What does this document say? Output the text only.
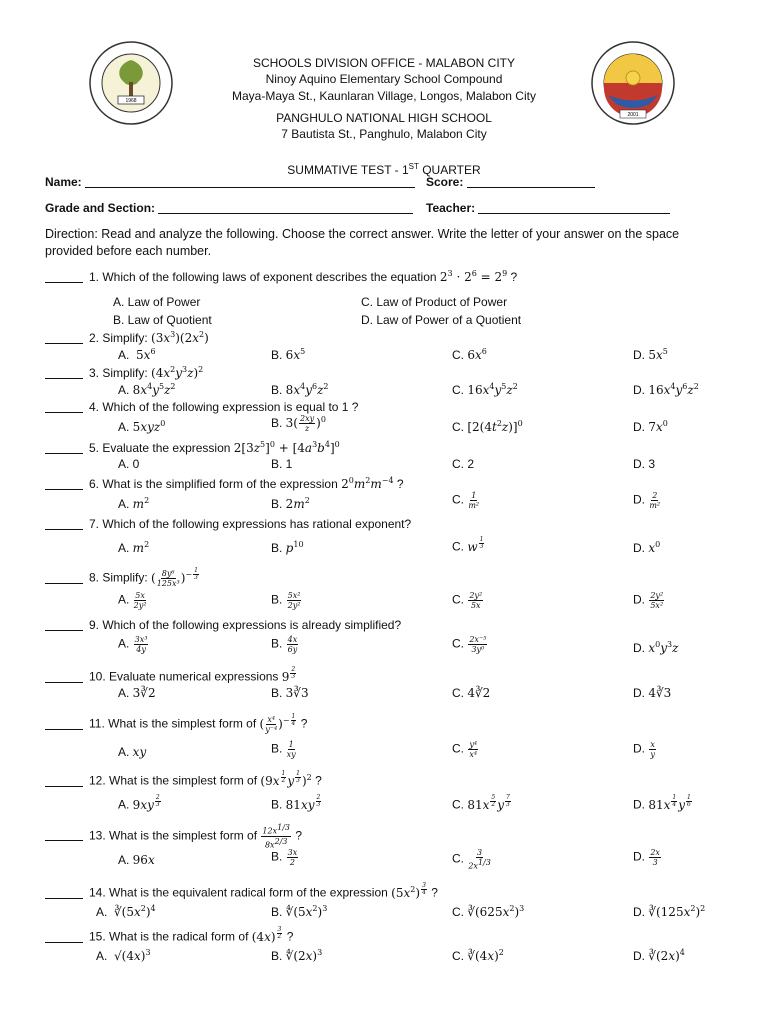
1968
2001
SCHOOLS DIVISION OFFICE - MALABON CITY
Ninoy Aquino Elementary School Compound
Maya-Maya St., Kaunlaran Village, Longos, Malabon City
PANGHULO NATIONAL HIGH SCHOOL
7 Bautista St., Panghulo, Malabon City
SUMMATIVE TEST - 1ST QUARTER
Name:	Score:
Grade and Section:	Teacher:
Direction: Read and analyze the following. Choose the correct answer. Write the letter of your answer on the space provided before each number.
1. Which of the following laws of exponent describes the equation $2^3 \cdot 2^6 = 2^9$ ?
A. Law of Power	C. Law of Product of Power
B. Law of Quotient	D. Law of Power of a Quotient
2. Simplify: $(3x^3)(2x^2)$
A.  $5x^6$	B. $6x^5$	C. $6x^6$	D. $5x^5$
3. Simplify: $(4x^2y^3z)^2$
A. $8x^4y^5z^2$	B. $8x^4y^6z^2$	C. $16x^4y^5z^2$	D. $16x^4y^6z^2$
4. Which of the following expression is equal to 1 ?
A. 5xyz$^0$	B. $3( \frac{2xy}{z} )^0$
C. $[2(4t^2z)]^0$	D. $7x^0$
5. Evaluate the expression $2[3z^5]^0 + [4a^3b^4]^0$
A. 0	B. 1	C. 2	D. 3
6. What is the simplified form of the expression $2^0m^2m^{-4}$ ?
A. $m^2$	B. $2m^2$	C. $\frac{1}{\text{m²}}$	D. $\frac{2}{\text{m²}}$
7. Which of the following expressions has rational exponent?
A. $m^2$	B. $p^{10}$	C. w $^{\frac{1}{3}}$	D. $x^0$
8. Simplify: ( $\frac{\text{8y⁶}}{\text{125x³}} )^{- \frac{1}{3}}$
A. $\frac{5x}{\text{2y²}}$	B. $\frac{\text{5x²}}{\text{2y²}}$	C. $\frac{\text{2y²}}{5x}$	D. $\frac{\text{2y²}}{\text{5x²}}$
9. Which of the following expressions is already simplified?
A. $\frac{\text{3x³}}{4y}$	B. $\frac{4x}{6y}$	C. $\frac{\text{2x⁻⁵}}{\text{3y⁰}}$	D. $x^0y^3z$
10. Evaluate numerical expressions 9 $^{\frac{2}{3}}$
A. 3∛2	B. 3∛3	C. 4∛2	D. 4∛3
11. What is the simplest form of ( $\frac{\text{x⁴}}{\text{y⁻⁴}} )^{- \frac{1}{4}}$ ?
A. xy	B. $\frac{1}{xy}$	C. $\frac{\text{y⁴}}{\text{x⁴}}$	D. $\frac{x}{y}$
12. What is the simplest form of (9x $^{\frac{1}{2}}$ y $^{\frac{1}{3}}$ )$^2$ ?
A. 9xy $^{\frac{2}{3}}$	B. 81xy $^{\frac{2}{3}}$	C. 81x $^{\frac{5}{2}}$ y $^{\frac{7}{3}}$	D. 81x $^{\frac{1}{4}}$ y $^{\frac{1}{6}}$
13. What is the simplest form of $\frac{12x^{1/3}}{8x^{2/3}}$ ?
A. 96x	B. $\frac{3x}{2}$	C. $\frac{3}{2x^{1/3}}$	D. $\frac{2x}{3}$
14. What is the equivalent radical form of the expression $(5x^2)$ $^{\frac{3}{4}}$ ?
A.  $∛(5x^2)^4$	B. $∜(5x^2)^3$	C. $∛(625x^2)^3$	D. $∛(125x^2)^2$
15. What is the radical form of (4x) $^{\frac{3}{2}}$ ?
A.  $√(4x)^3$	B. $∜(2x)^3$	C. $∛(4x)^2$	D. $∛(2x)^4$
